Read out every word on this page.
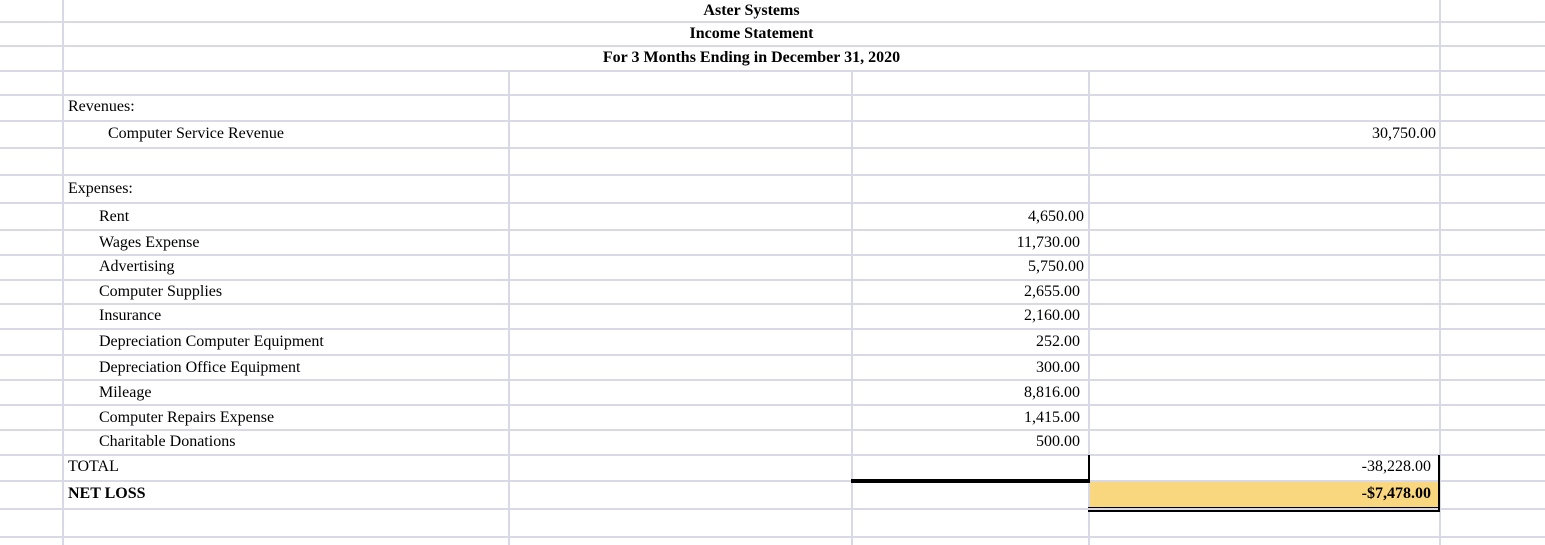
Aster Systems
Income Statement
For 3 Months Ending in December 31, 2020
Revenues:
Computer Service Revenue	30,750.00
Expenses:
Rent	4,650.00
Wages Expense	11,730.00
Advertising	5,750.00
Computer Supplies	2,655.00
Insurance	2,160.00
Depreciation Computer Equipment	252.00
Depreciation Office Equipment	300.00
Mileage	8,816.00
Computer Repairs Expense	1,415.00
Charitable Donations	500.00
TOTAL	-38,228.00
NET LOSS	-$7,478.00
